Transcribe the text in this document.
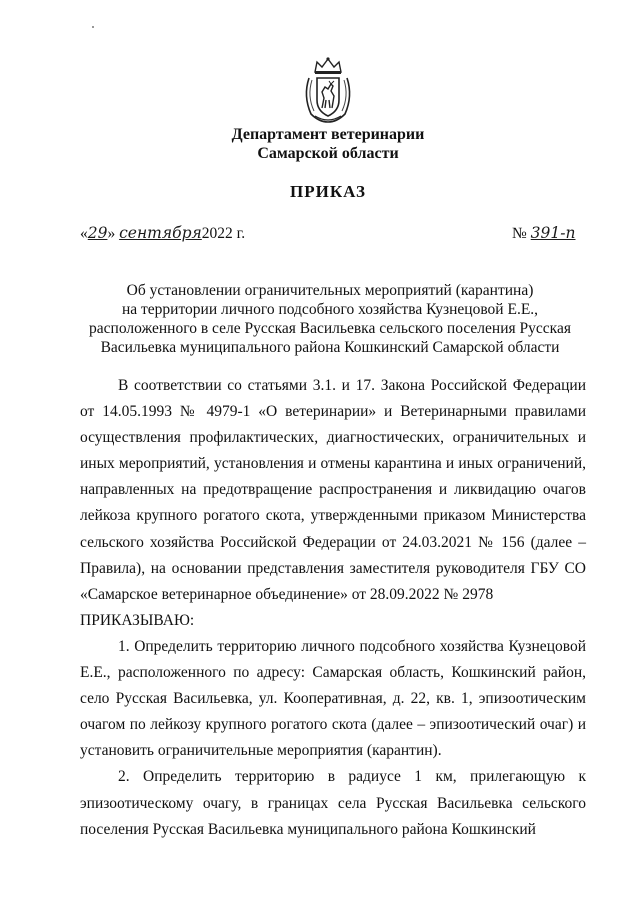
Департамент ветеринарии
Самарской области
ПРИКАЗ
«29» сентября2022 г.	№ 391-п
Об установлении ограничительных мероприятий (карантина)
на территории личного подсобного хозяйства Кузнецовой Е.Е.,
расположенного в селе Русская Васильевка сельского поселения Русская
Васильевка муниципального района Кошкинский Самарской области

В соответствии со статьями 3.1. и 17. Закона Российской Федерации от 14.05.1993 № 4979-1 «О ветеринарии» и Ветеринарными правилами осуществления профилактических, диагностических, ограничительных и иных мероприятий, установления и отмены карантина и иных ограничений, направленных на предотвращение распространения и ликвидацию очагов лейкоза крупного рогатого скота, утвержденными приказом Министерства сельского хозяйства Российской Федерации от 24.03.2021 № 156 (далее – Правила), на основании представления заместителя руководителя ГБУ СО «Самарское ветеринарное объединение» от 28.09.2022 № 2978

ПРИКАЗЫВАЮ:

1. Определить территорию личного подсобного хозяйства Кузнецовой Е.Е., расположенного по адресу: Самарская область, Кошкинский район, село Русская Васильевка, ул. Кооперативная, д. 22, кв. 1, эпизоотическим очагом по лейкозу крупного рогатого скота (далее – эпизоотический очаг) и установить ограничительные мероприятия (карантин).

2. Определить территорию в радиусе 1 км, прилегающую к эпизоотическому очагу, в границах села Русская Васильевка сельского поселения Русская Васильевка муниципального района Кошкинский
